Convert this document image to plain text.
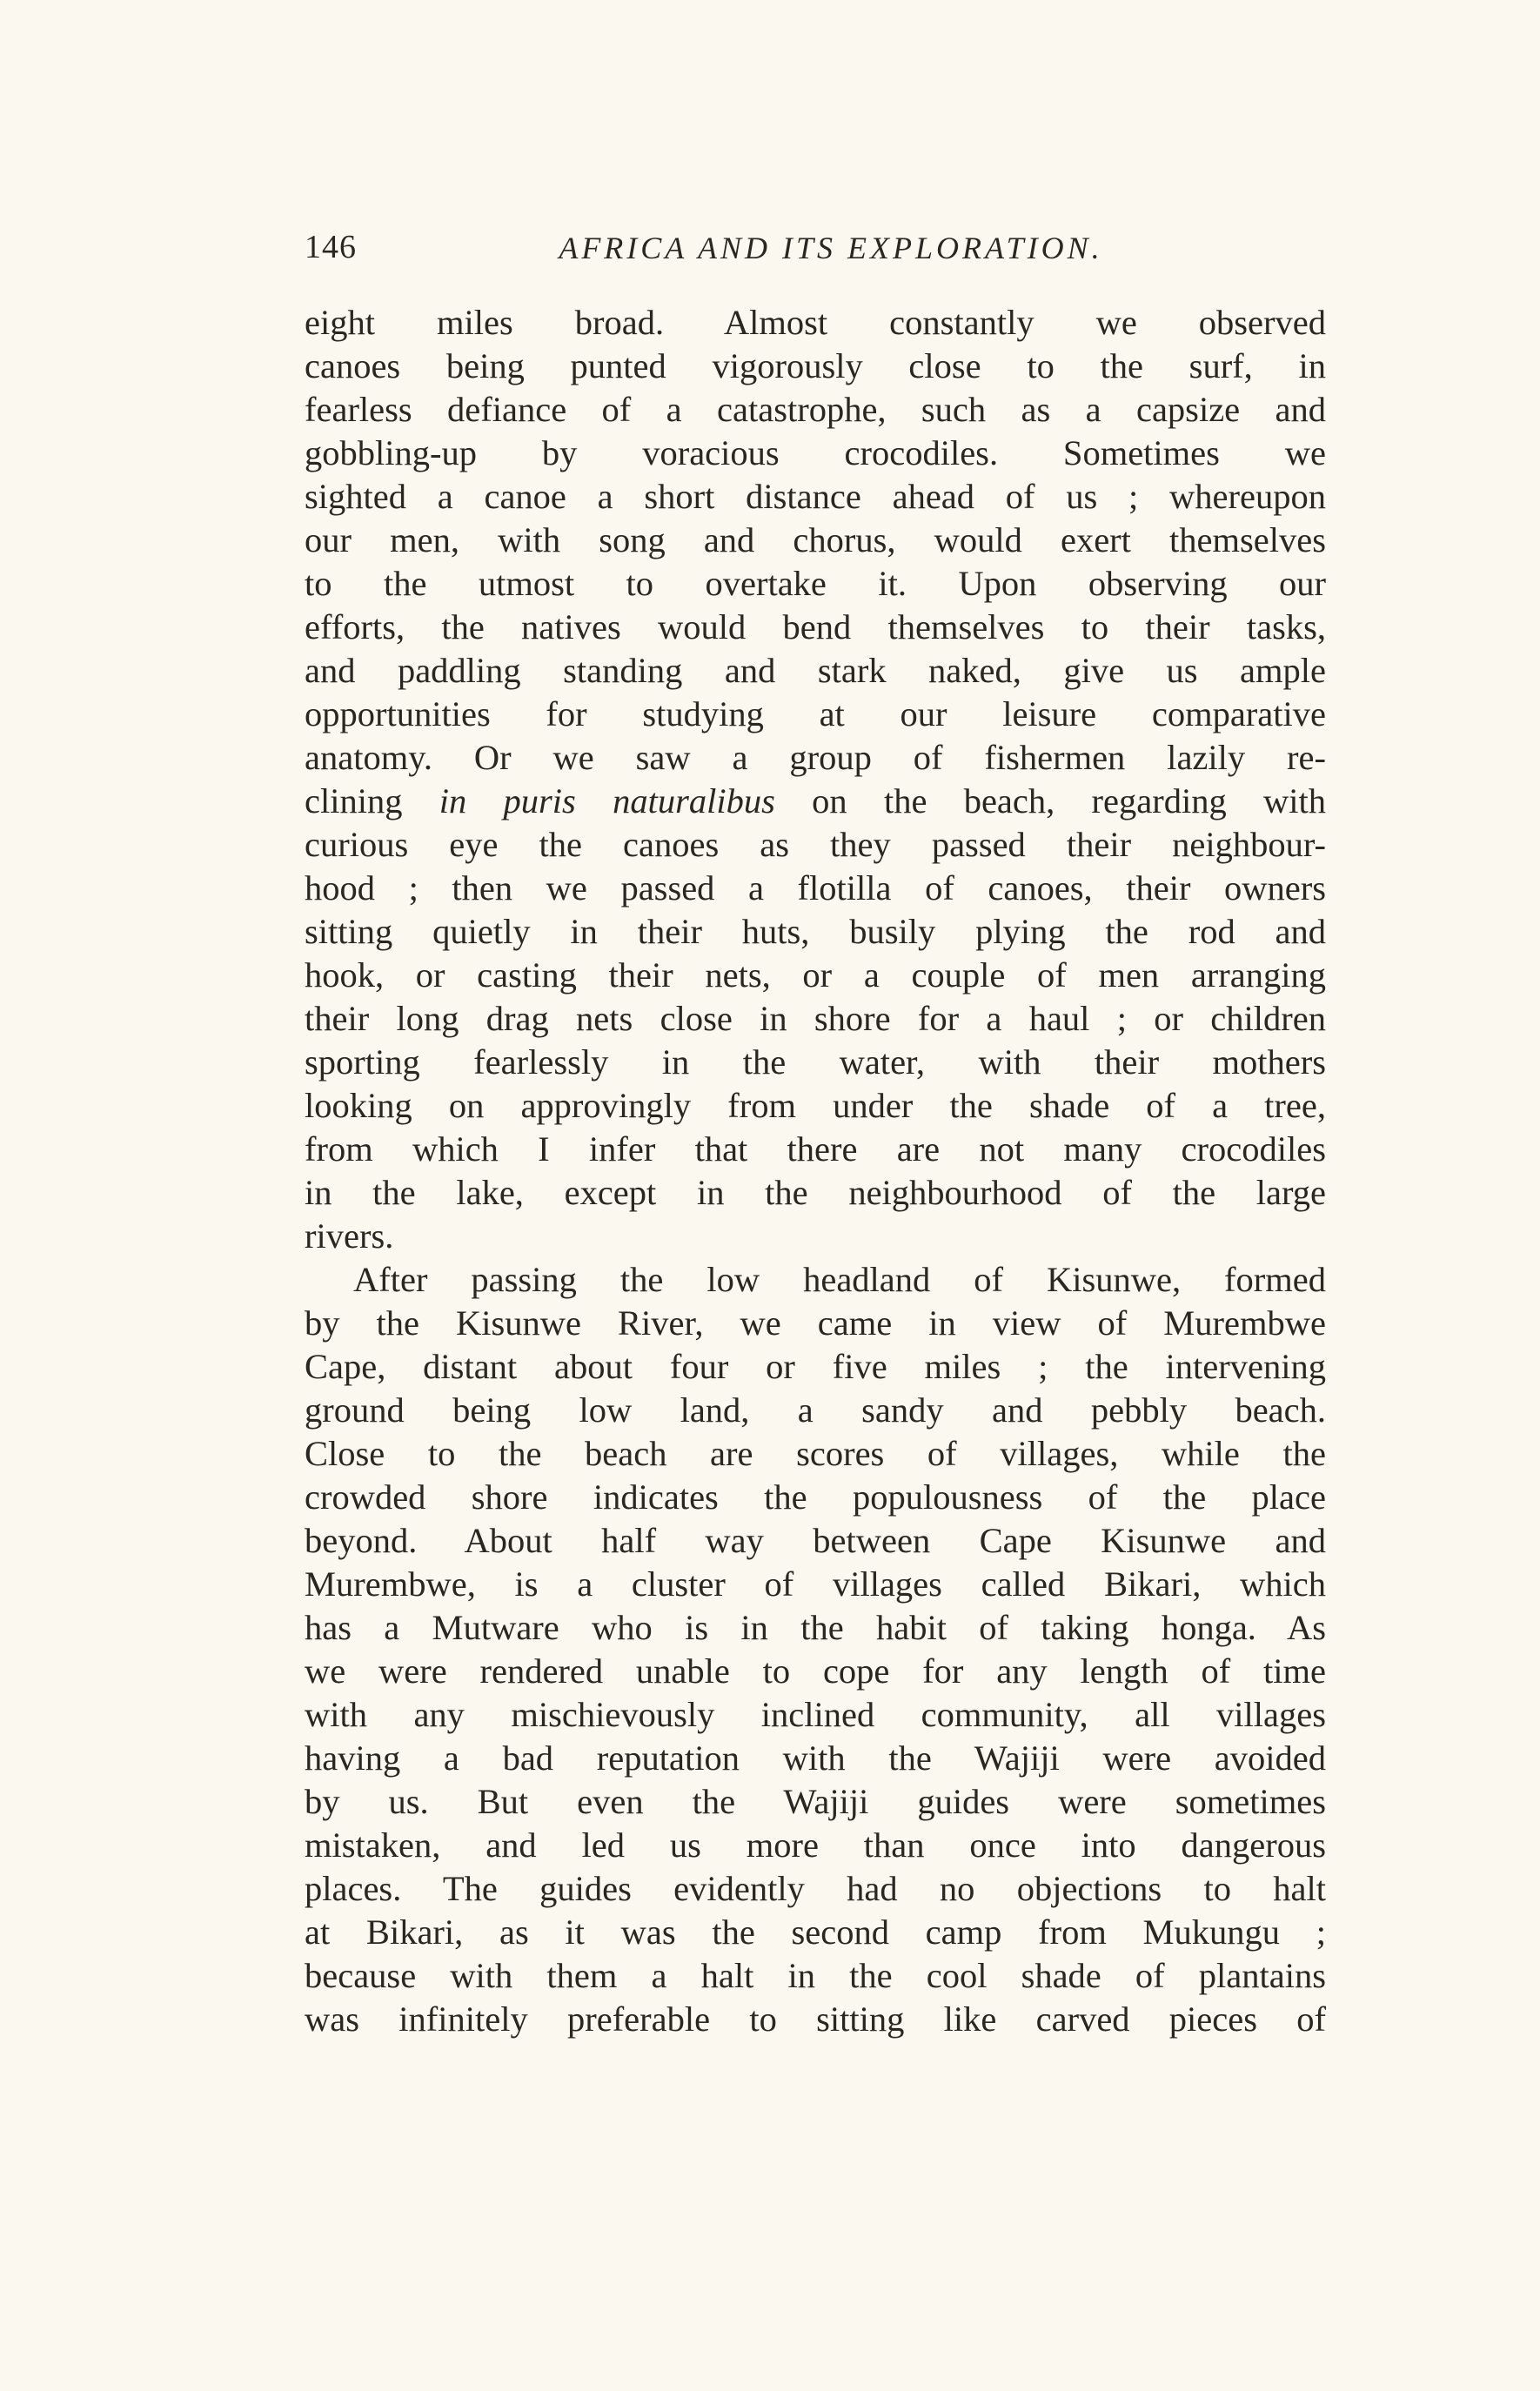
146	AFRICA AND ITS EXPLORATION.
eight miles broad. Almost constantly we observed
canoes being punted vigorously close to the surf, in
fearless defiance of a catastrophe, such as a capsize and
gobbling-up by voracious crocodiles. Sometimes we
sighted a canoe a short distance ahead of us ; whereupon
our men, with song and chorus, would exert themselves
to the utmost to overtake it. Upon observing our
efforts, the natives would bend themselves to their tasks,
and paddling standing and stark naked, give us ample
opportunities for studying at our leisure comparative
anatomy. Or we saw a group of fishermen lazily re-
clining in puris naturalibus on the beach, regarding with
curious eye the canoes as they passed their neighbour-
hood ; then we passed a flotilla of canoes, their owners
sitting quietly in their huts, busily plying the rod and
hook, or casting their nets, or a couple of men arranging
their long drag nets close in shore for a haul ; or children
sporting fearlessly in the water, with their mothers
looking on approvingly from under the shade of a tree,
from which I infer that there are not many crocodiles
in the lake, except in the neighbourhood of the large
rivers.
After passing the low headland of Kisunwe, formed
by the Kisunwe River, we came in view of Murembwe
Cape, distant about four or five miles ; the intervening
ground being low land, a sandy and pebbly beach.
Close to the beach are scores of villages, while the
crowded shore indicates the populousness of the place
beyond. About half way between Cape Kisunwe and
Murembwe, is a cluster of villages called Bikari, which
has a Mutware who is in the habit of taking honga. As
we were rendered unable to cope for any length of time
with any mischievously inclined community, all villages
having a bad reputation with the Wajiji were avoided
by us. But even the Wajiji guides were sometimes
mistaken, and led us more than once into dangerous
places. The guides evidently had no objections to halt
at Bikari, as it was the second camp from Mukungu ;
because with them a halt in the cool shade of plantains
was infinitely preferable to sitting like carved pieces of
